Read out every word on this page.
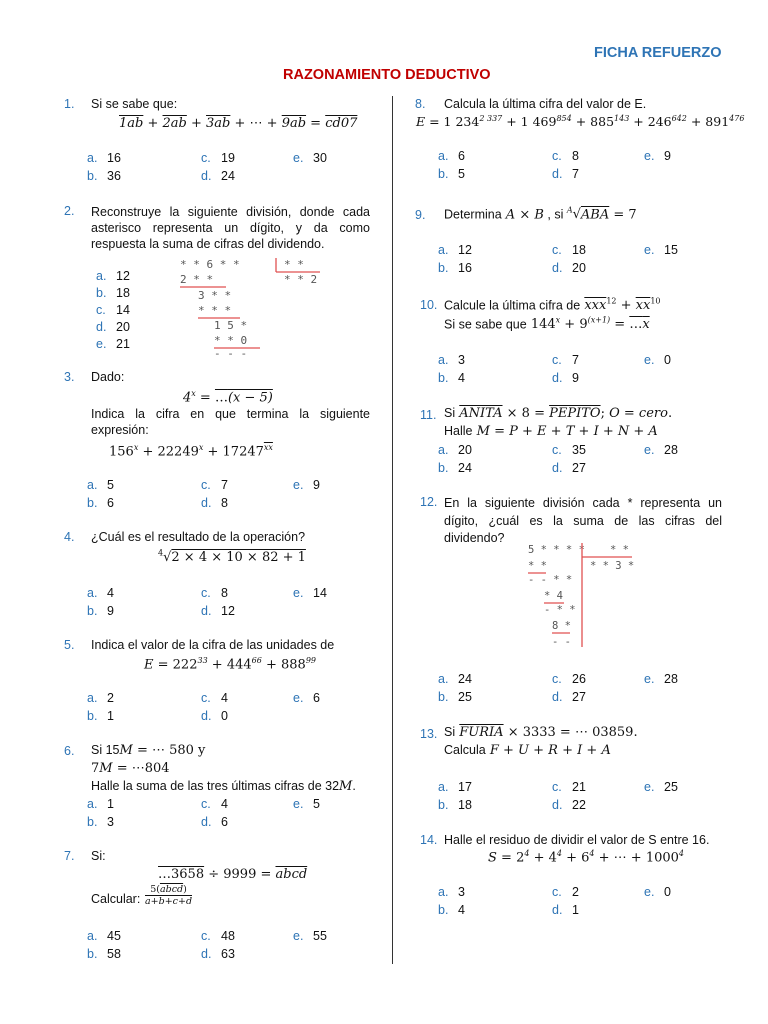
FICHA REFUERZO
RAZONAMIENTO DEDUCTIVO
1. Si se sabe que:
1ab + 2ab + 3ab + ⋯ + 9ab = cd07
a. 16
b. 36
c. 19
d. 24
e. 30
2. Reconstruye la siguiente división, donde cada asterisco representa un dígito, y da como respuesta la suma de cifras del dividendo.
a. 12
b. 18
c. 14
d. 20
e. 21
* * 6 * *
2 * *
3 * *
* * *
1 5 *
* * 0
- - -
* *
* * 2
3. Dado:
$4^x$ = …(x − 5)
Indica la cifra en que termina la siguiente expresión:
$156^x + 22249^x + 17247^{\overline{xx}}$
a. 5
b. 6
c. 7
d. 8
e. 9
4. ¿Cuál es el resultado de la operación?
$^4$√2 × 4 × 10 × 82 + 1
a. 4
b. 9
c. 8
d. 12
e. 14
5. Indica el valor de la cifra de las unidades de
$E = 222^{33} + 444^{66} + 888^{99}$
a. 2
b. 1
c. 4
d. 0
e. 6
6. Si 15M = ⋯ 580 y
7M = ⋯804
Halle la suma de las tres últimas cifras de 32M.
a. 1
b. 3
c. 4
d. 6
e. 5
7. Si:
…3658 ÷ 9999 = abcd
Calcular:
5(abcd)
a+b+c+d
a. 45
b. 58
c. 48
d. 63
e. 55
8. Calcula la última cifra del valor de E.
E = 1 $234^{2 337} + 1$ $469^{854} + 885^{143} + 246^{642} + 891^{476}$
a. 6
b. 5
c. 8
d. 7
e. 9
9. Determina A × B , si $^A$√ABA = 7
a. 12
b. 16
c. 18
d. 20
e. 15
10. Calcule la última cifra de $\overline{xxx}^{12} + \overline{xx}^{10}$
Si se sabe que $144^x + 9^{(x+1)}$ = …x
a. 3
b. 4
c. 7
d. 9
e. 0
11. Si ANITA × 8 = PEPITO; O = cero.
Halle M = P + E + T + I + N + A
a. 20
b. 24
c. 35
d. 27
e. 28
12. En la siguiente división cada * representa un dígito, ¿cuál es la suma de las cifras del dividendo?
5 * * * *
* *
- - * *
* 4
- * *
8 *
- -
* *
* * 3 *
a. 24
b. 25
c. 26
d. 27
e. 28
13. Si FURIA × 3333 = ⋯ 03859.
Calcula F + U + R + I + A
a. 17
b. 18
c. 21
d. 22
e. 25
14. Halle el residuo de dividir el valor de S entre 16.
$S = 2^4 + 4^4 + 6^4$ + ⋯ + $1000^4$
a. 3
b. 4
c. 2
d. 1
e. 0
